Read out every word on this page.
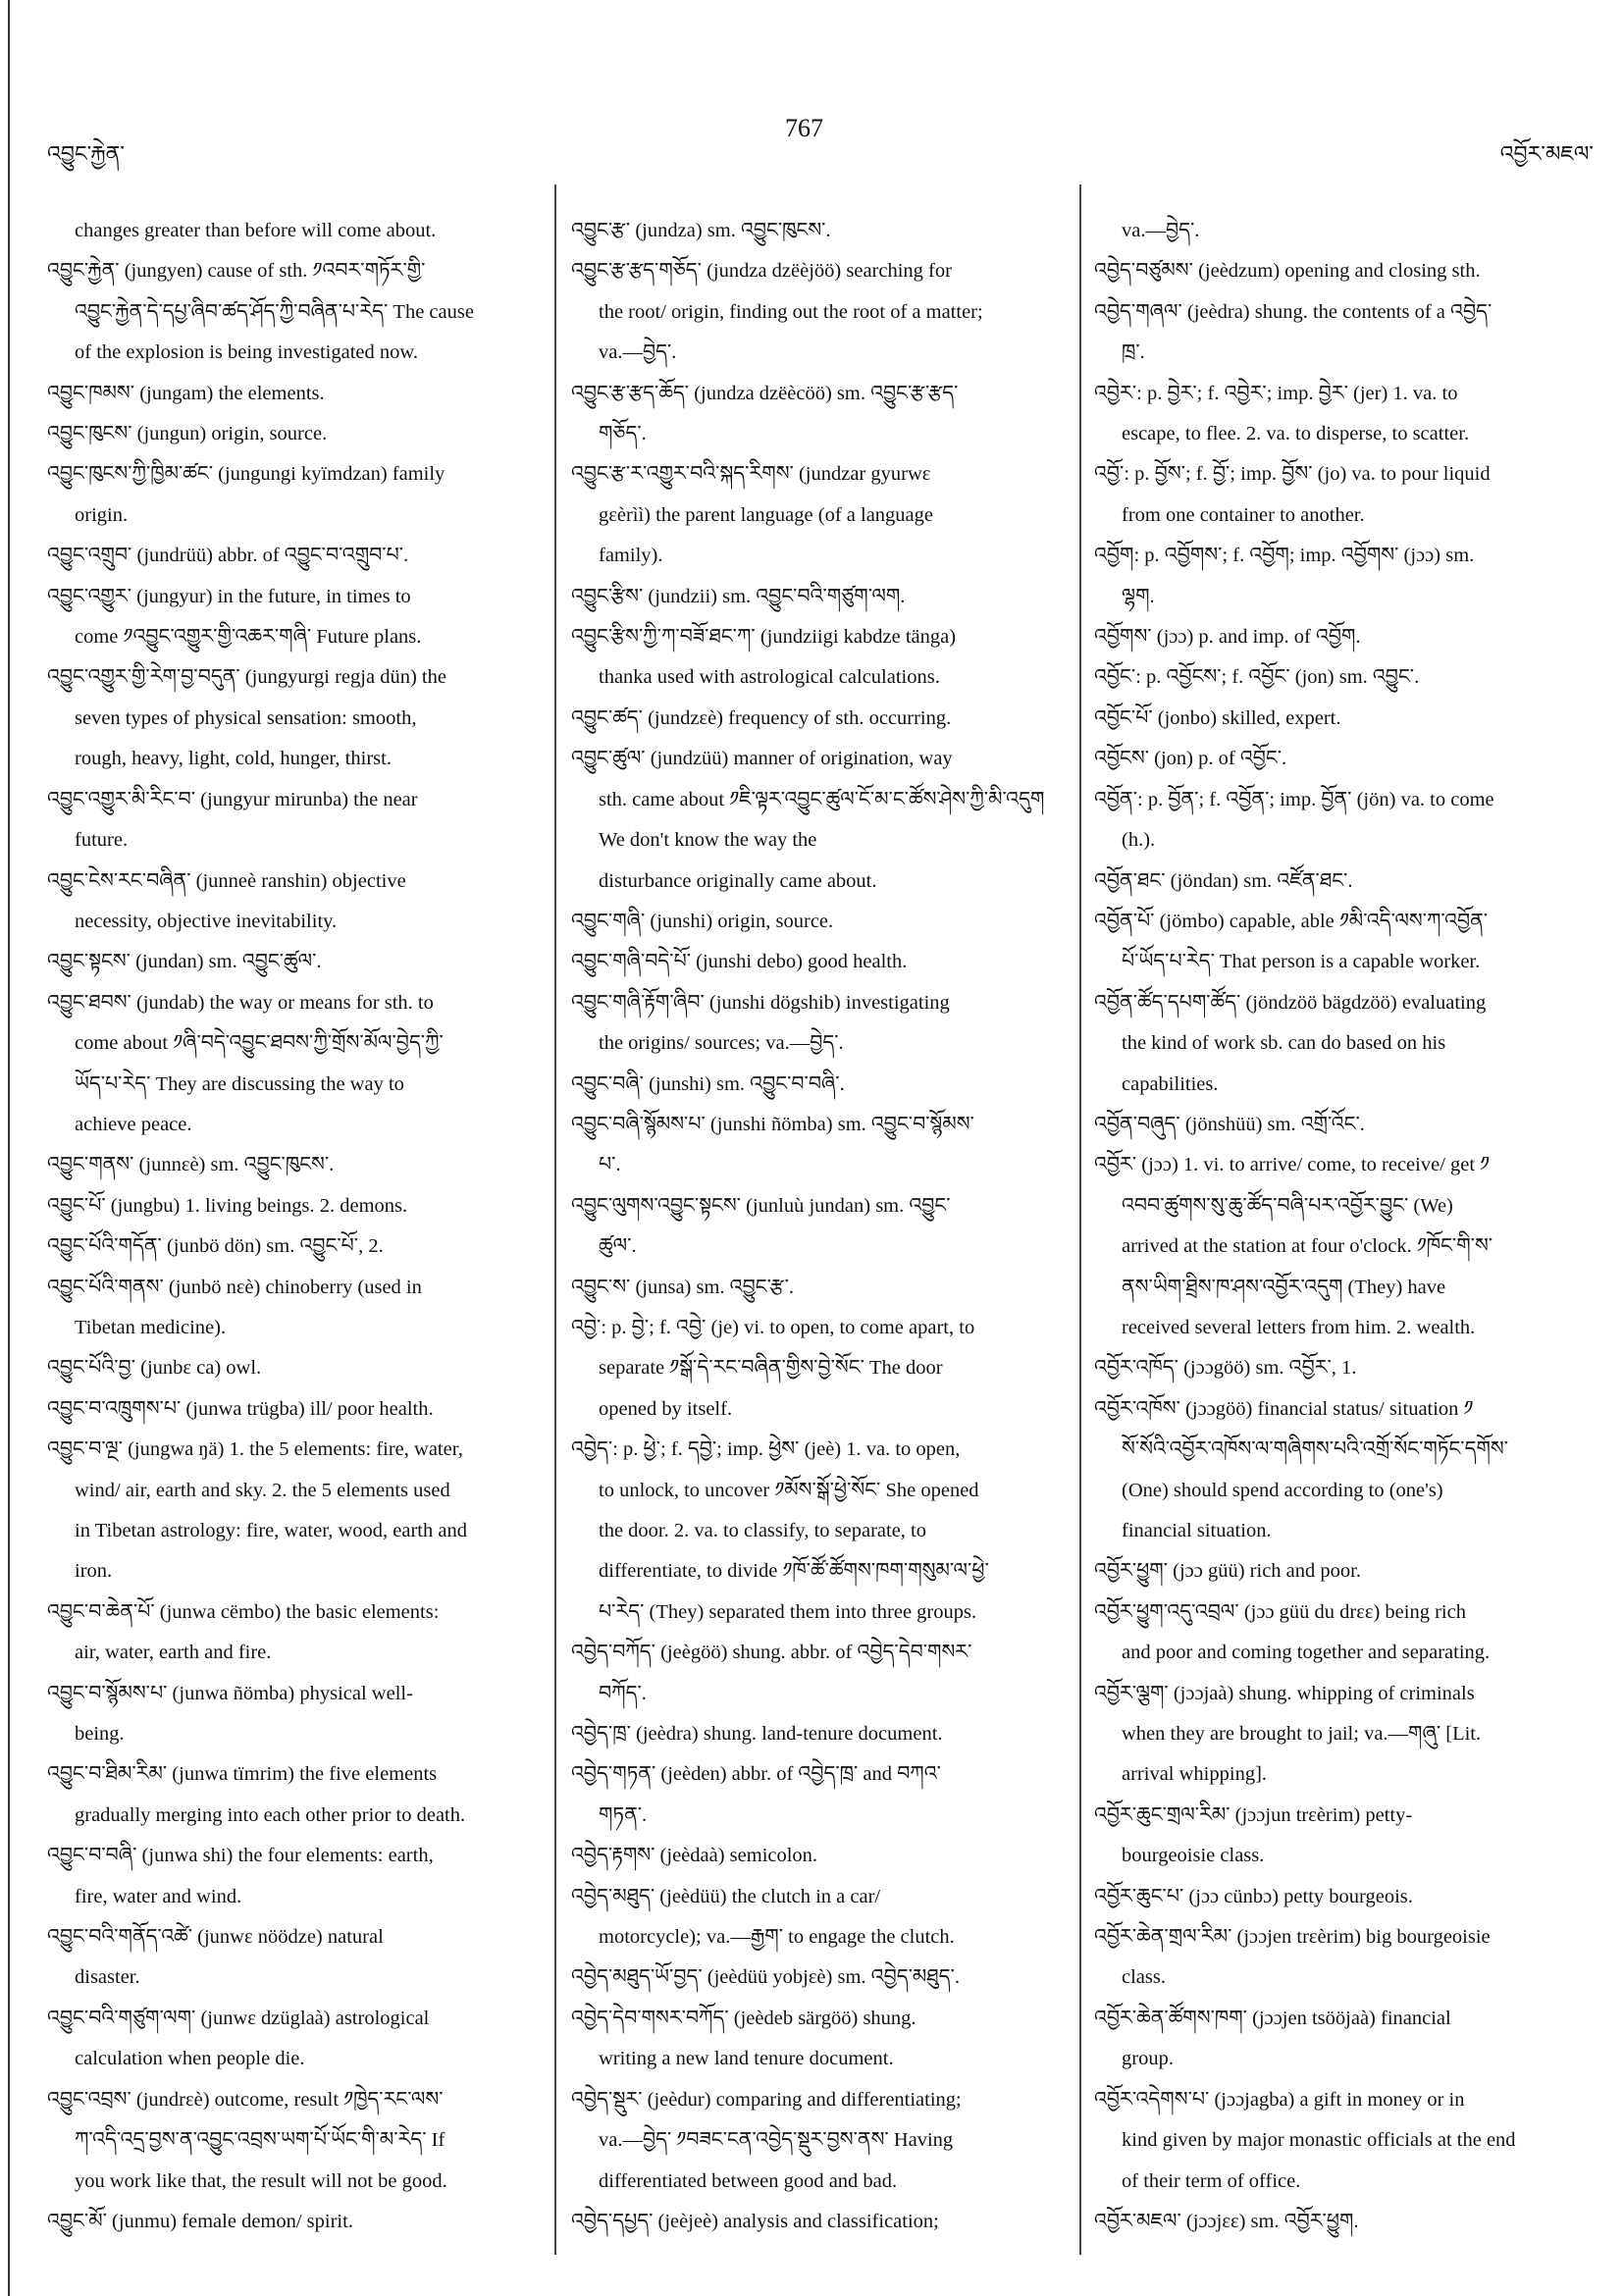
འབྱུང་རྐྱེན་
767
འབྱོར་མཇལ་
changes greater than before will come about.
འབྱུང་རྐྱེན་ (jungyen) cause of sth. ༡འབར་གཏོར་གྱི་
འབྱུང་རྐྱེན་དེ་དཔྱ་ཞིབ་ཚད་ཤོད་ཀྱི་བཞིན་པ་རེད་ The cause
of the explosion is being investigated now.
འབྱུང་ཁམས་ (jungam) the elements.
འབྱུང་ཁུངས་ (jungun) origin, source.
འབྱུང་ཁུངས་ཀྱི་ཁྱིམ་ཚང་ (jungungi kyïmdzan) family
origin.
འབྱུང་འགྲུབ་ (jundrüü) abbr. of འབྱུང་བ་འགྲུབ་པ་.
འབྱུང་འགྱུར་ (jungyur) in the future, in times to
come ༡འབྱུང་འགྱུར་གྱི་འཆར་གཞི་ Future plans.
འབྱུང་འགྱུར་གྱི་རེག་བྱ་བདུན་ (jungyurgi regja dün) the
seven types of physical sensation: smooth,
rough, heavy, light, cold, hunger, thirst.
འབྱུང་འགྱུར་མི་རིང་བ་ (jungyur mirunba) the near
future.
འབྱུང་ངེས་རང་བཞིན་ (junneè ranshin) objective
necessity, objective inevitability.
འབྱུང་སྟངས་ (jundan) sm. འབྱུང་ཚུལ་.
འབྱུང་ཐབས་ (jundab) the way or means for sth. to
come about ༡ཞི་བདེ་འབྱུང་ཐབས་ཀྱི་གྲོས་མོལ་བྱེད་ཀྱི་
ཡོད་པ་རེད་ They are discussing the way to
achieve peace.
འབྱུང་གནས་ (junnεè) sm. འབྱུང་ཁུངས་.
འབྱུང་པོ་ (jungbu) 1. living beings. 2. demons.
འབྱུང་པོའི་གདོན་ (junbö dön) sm. འབྱུང་པོ་, 2.
འབྱུང་པོའི་གནས་ (junbö nεè) chinoberry (used in
Tibetan medicine).
འབྱུང་པོའི་བྱ་ (junbε ca) owl.
འབྱུང་བ་འཁྲུགས་པ་ (junwa trügba) ill/ poor health.
འབྱུང་བ་ལྔ་ (jungwa ŋä) 1. the 5 elements: fire, water,
wind/ air, earth and sky. 2. the 5 elements used
in Tibetan astrology: fire, water, wood, earth and
iron.
འབྱུང་བ་ཆེན་པོ་ (junwa cëmbo) the basic elements:
air, water, earth and fire.
འབྱུང་བ་སྙོམས་པ་ (junwa ñömba) physical well-
being.
འབྱུང་བ་ཐིམ་རིམ་ (junwa tïmrim) the five elements
gradually merging into each other prior to death.
འབྱུང་བ་བཞི་ (junwa shi) the four elements: earth,
fire, water and wind.
འབྱུང་བའི་གནོད་འཚེ་ (junwε nöödze) natural
disaster.
འབྱུང་བའི་གཙུག་ལག་ (junwε dzüglaà) astrological
calculation when people die.
འབྱུང་འབྲས་ (jundrεè) outcome, result ༡ཁྱེད་རང་ལས་
ཀ་འདི་འདྲ་བྱས་ན་འབྱུང་འབྲས་ཡག་པོ་ཡོང་གི་མ་རེད་ If
you work like that, the result will not be good.
འབྱུང་མོ་ (junmu) female demon/ spirit.
འབྱུང་རྩ་ (jundza) sm. འབྱུང་ཁུངས་.
འབྱུང་རྩ་རྩད་གཅོད་ (jundza dzëèjöö) searching for
the root/ origin, finding out the root of a matter;
va.—བྱེད་.
འབྱུང་རྩ་རྩད་ཆོད་ (jundza dzëècöö) sm. འབྱུང་རྩ་རྩད་
གཅོད་.
འབྱུང་རྩ་ར་འགྱུར་བའི་སྐད་རིགས་ (jundzar gyurwε
gεèrìì) the parent language (of a language
family).
འབྱུང་རྩིས་ (jundzii) sm. འབྱུང་བའི་གཙུག་ལག.
འབྱུང་རྩིས་ཀྱི་ཀ་བཟོ་ཐང་ཀ་ (jundziigi kabdze tänga)
thanka used with astrological calculations.
འབྱུང་ཚད་ (jundzεè) frequency of sth. occurring.
འབྱུང་ཚུལ་ (jundzüü) manner of origination, way
sth. came about ༡ཇི་ལྟར་འབྱུང་ཚུལ་ངོ་མ་ང་ཚོས་ཤེས་ཀྱི་མི་འདུག We don't know the way the
disturbance originally came about.
འབྱུང་གཞི་ (junshi) origin, source.
འབྱུང་གཞི་བདེ་པོ་ (junshi debo) good health.
འབྱུང་གཞི་རྟོག་ཞིབ་ (junshi dögshib) investigating
the origins/ sources; va.—བྱེད་.
འབྱུང་བཞི་ (junshi) sm. འབྱུང་བ་བཞི་.
འབྱུང་བཞི་སྙོམས་པ་ (junshi ñömba) sm. འབྱུང་བ་སྙོམས་
པ་.
འབྱུང་ལུགས་འབྱུང་སྟངས་ (junluù jundan) sm. འབྱུང་
ཚུལ་.
འབྱུང་ས་ (junsa) sm. འབྱུང་རྩ་.
འབྱེ་: p. བྱེ་; f. འབྱེ་ (je) vi. to open, to come apart, to
separate ༡སྒོ་དེ་རང་བཞིན་གྱིས་བྱེ་སོང་ The door
opened by itself.
འབྱེད་: p. ཕྱེ་; f. དབྱེ་; imp. ཕྱེས་ (jeè) 1. va. to open,
to unlock, to uncover ༡མོས་སྒོ་ཕྱེ་སོང་ She opened
the door. 2. va. to classify, to separate, to
differentiate, to divide ༡ཁོ་ཚོ་ཚོགས་ཁག་གསུམ་ལ་ཕྱེ་
པ་རེད་ (They) separated them into three groups.
འབྱེད་བཀོད་ (jeègöö) shung. abbr. of འབྱེད་དེབ་གསར་
བཀོད་.
འབྱེད་ཁྲ་ (jeèdra) shung. land-tenure document.
འབྱེད་གཏན་ (jeèden) abbr. of འབྱེད་ཁྲ་ and བཀའ་
གཏན་.
འབྱེད་རྟགས་ (jeèdaà) semicolon.
འབྱེད་མཐུད་ (jeèdüü) the clutch in a car/
motorcycle); va.—རྒྱག་ to engage the clutch.
འབྱེད་མཐུད་ཡོ་བྱད་ (jeèdüü yobjεè) sm. འབྱེད་མཐུད་.
འབྱེད་དེབ་གསར་བཀོད་ (jeèdeb särgöö) shung.
writing a new land tenure document.
འབྱེད་སྡུར་ (jeèdur) comparing and differentiating;
va.—བྱེད་ ༡བཟང་ངན་འབྱེད་སྡུར་བྱས་ནས་ Having
differentiated between good and bad.
འབྱེད་དཔྱད་ (jeèjeè) analysis and classification;
va.—བྱེད་.
འབྱེད་བཙུམས་ (jeèdzum) opening and closing sth.
འབྱེད་གཞལ་ (jeèdra) shung. the contents of a འབྱེད་
ཁྲ་.
འབྱེར་: p. བྱེར་; f. འབྱེར་; imp. བྱེར་ (jer) 1. va. to
escape, to flee. 2. va. to disperse, to scatter.
འབྱོ་: p. བྱོས་; f. བྱོ་; imp. བྱོས་ (jo) va. to pour liquid
from one container to another.
འབྱོག: p. འབྱོགས་; f. འབྱོག; imp. འབྱོགས་ (jɔɔ) sm.
ལྷག.
འབྱོགས་ (jɔɔ) p. and imp. of འབྱོག.
འབྱོང་: p. འབྱོངས་; f. འབྱོང་ (jon) sm. འབྱུང་.
འབྱོང་པོ་ (jonbo) skilled, expert.
འབྱོངས་ (jon) p. of འབྱོང་.
འབྱོན་: p. བྱོན་; f. འབྱོན་; imp. བྱོན་ (jön) va. to come
(h.).
འབྱོན་ཐང་ (jöndan) sm. འཛོན་ཐང་.
འབྱོན་པོ་ (jömbo) capable, able ༡མི་འདི་ལས་ཀ་འབྱོན་
པོ་ཡོད་པ་རེད་ That person is a capable worker.
འབྱོན་ཚོད་དཔག་ཚོད་ (jöndzöö bägdzöö) evaluating
the kind of work sb. can do based on his
capabilities.
འབྱོན་བཞུད་ (jönshüü) sm. འགྲོ་འོང་.
འབྱོར་ (jɔɔ) 1. vi. to arrive/ come, to receive/ get ༡
འབབ་ཚུགས་སུ་ཆུ་ཚོད་བཞི་པར་འབྱོར་བྱུང་ (We)
arrived at the station at four o'clock. ༡ཁོང་གི་ས་
ནས་ཡིག་ཐྲིས་ཁ་ཤས་འབྱོར་འདུག (They) have
received several letters from him. 2. wealth.
འབྱོར་འཁོད་ (jɔɔgöö) sm. འབྱོར་, 1.
འབྱོར་འཁོས་ (jɔɔgöö) financial status/ situation ༡
སོ་སོའི་འབྱོར་འཁོས་ལ་གཞིགས་པའི་འགྲོ་སོང་གཏོང་དགོས་
(One) should spend according to (one's)
financial situation.
འབྱོར་ཕྱུག་ (jɔɔ güü) rich and poor.
འབྱོར་ཕྱུག་འདུ་འབྲལ་ (jɔɔ güü du drεε) being rich
and poor and coming together and separating.
འབྱོར་ལྕག་ (jɔɔjaà) shung. whipping of criminals
when they are brought to jail; va.—གཞུ་ [Lit.
arrival whipping].
འབྱོར་ཆུང་གྲལ་རིམ་ (jɔɔjun trεèrim) petty-
bourgeoisie class.
འབྱོར་ཆུང་པ་ (jɔɔ cünbɔ) petty bourgeois.
འབྱོར་ཆེན་གྲལ་རིམ་ (jɔɔjen trεèrim) big bourgeoisie
class.
འབྱོར་ཆེན་ཚོགས་ཁག་ (jɔɔjen tsööjaà) financial
group.
འབྱོར་འདེགས་པ་ (jɔɔjagba) a gift in money or in
kind given by major monastic officials at the end
of their term of office.
འབྱོར་མཇལ་ (jɔɔjεε) sm. འབྱོར་ཕྱུག.
